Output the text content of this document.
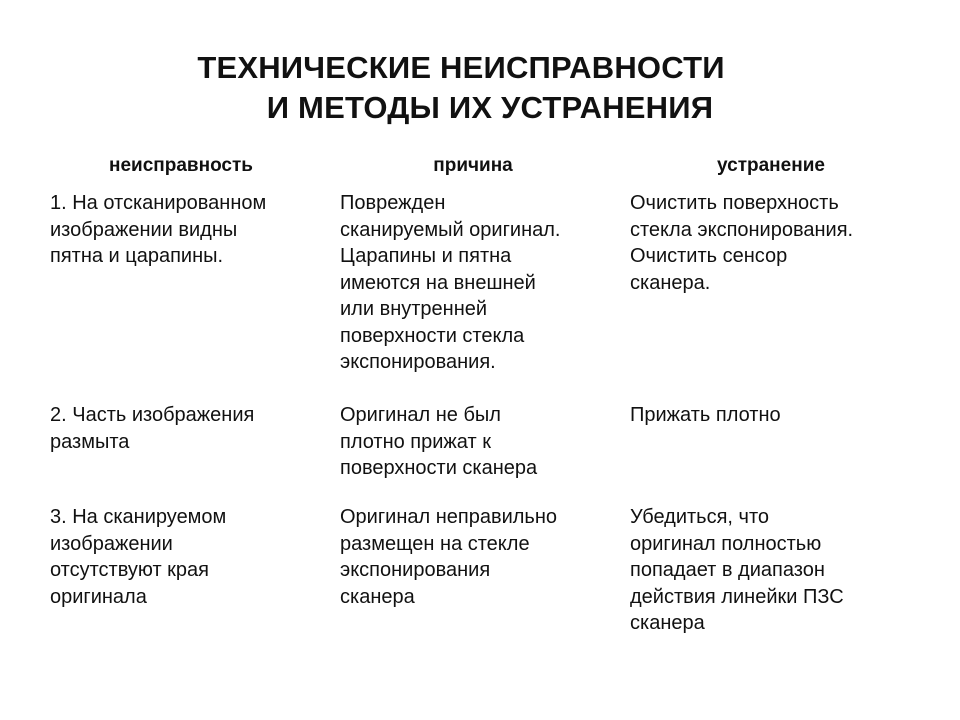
ТЕХНИЧЕСКИЕ НЕИСПРАВНОСТИ
И МЕТОДЫ ИХ УСТРАНЕНИЯ
неисправность	причина	устранение
1. На отсканированном
изображении видны
пятна и царапины.
Поврежден
сканируемый оригинал.
Царапины и пятна
имеются на внешней
или внутренней
поверхности стекла
экспонирования.
Очистить поверхность
стекла экспонирования.
Очистить сенсор
сканера.
2. Часть изображения
размыта
Оригинал не был
плотно прижат к
поверхности сканера
Прижать плотно
3. На сканируемом
изображении
отсутствуют края
оригинала
Оригинал неправильно
размещен на стекле
экспонирования
сканера
Убедиться, что
оригинал полностью
попадает в диапазон
действия линейки ПЗС
сканера
